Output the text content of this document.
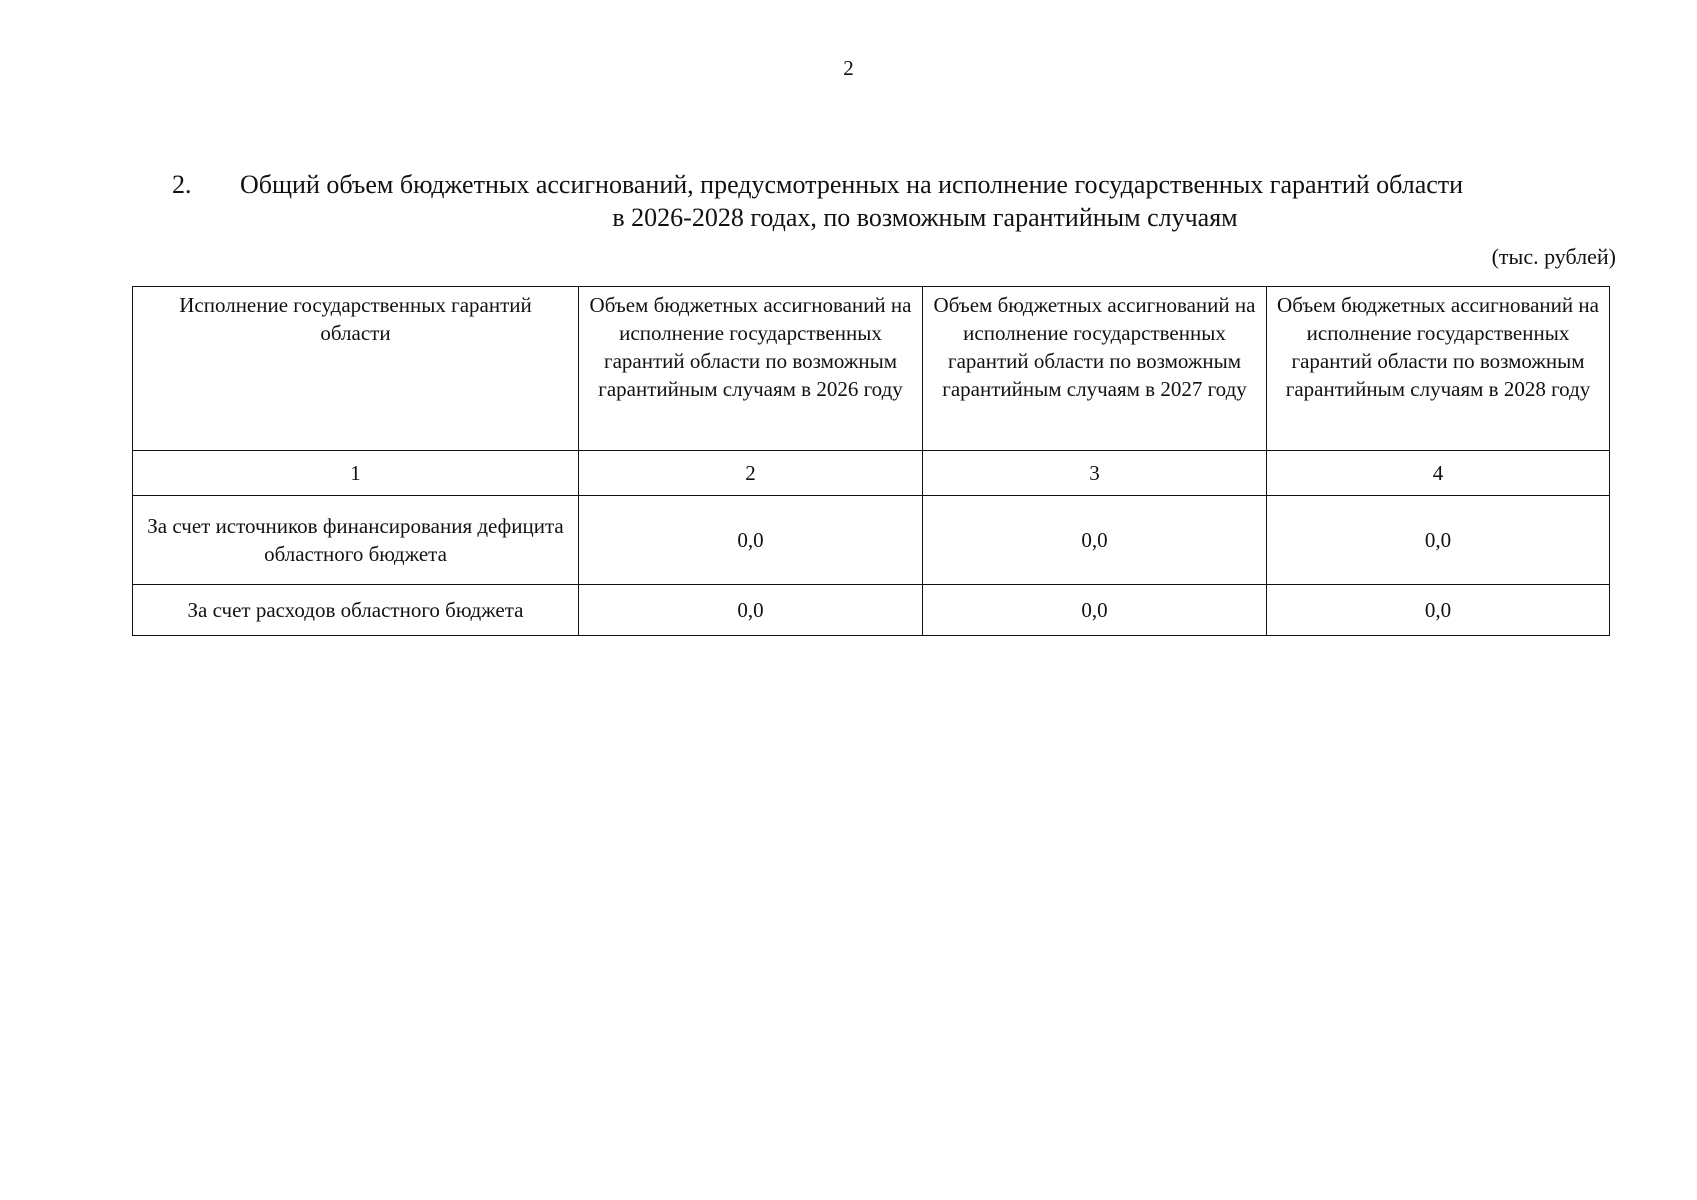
2
2.	Общий объем бюджетных ассигнований, предусмотренных на исполнение государственных гарантий области
в 2026-2028 годах, по возможным гарантийным случаям
(тыс. рублей)
Исполнение государственных гарантий области	Объем бюджетных ассигнований на исполнение государственных гарантий области по возможным гарантийным случаям в 2026 году	Объем бюджетных ассигнований на исполнение государственных гарантий области по возможным гарантийным случаям в 2027 году	Объем бюджетных ассигнований на исполнение государственных гарантий области по возможным гарантийным случаям в 2028 году
1	2	3	4
За счет источников финансирования дефицита областного бюджета	0,0	0,0	0,0
За счет расходов областного бюджета	0,0	0,0	0,0
